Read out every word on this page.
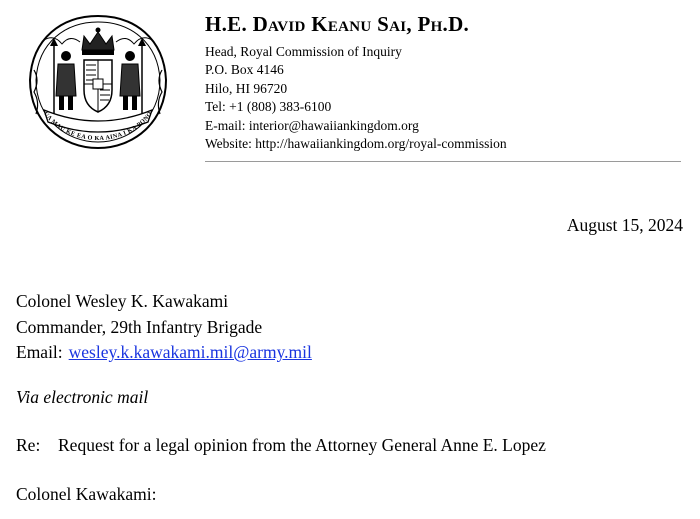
UA MAU KE EA O KA AINA I KA PONO
H.E. David Keanu Sai, Ph.D.
Head, Royal Commission of Inquiry
P.O. Box 4146
Hilo, HI 96720
Tel: +1 (808) 383-6100
E-mail: interior@hawaiiankingdom.org
Website: http://hawaiiankingdom.org/royal-commission
August 15, 2024
Colonel Wesley K. Kawakami
Commander, 29th Infantry Brigade
Email: wesley.k.kawakami.mil@army.mil
Via electronic mail
Re: Request for a legal opinion from the Attorney General Anne E. Lopez
Colonel Kawakami:
